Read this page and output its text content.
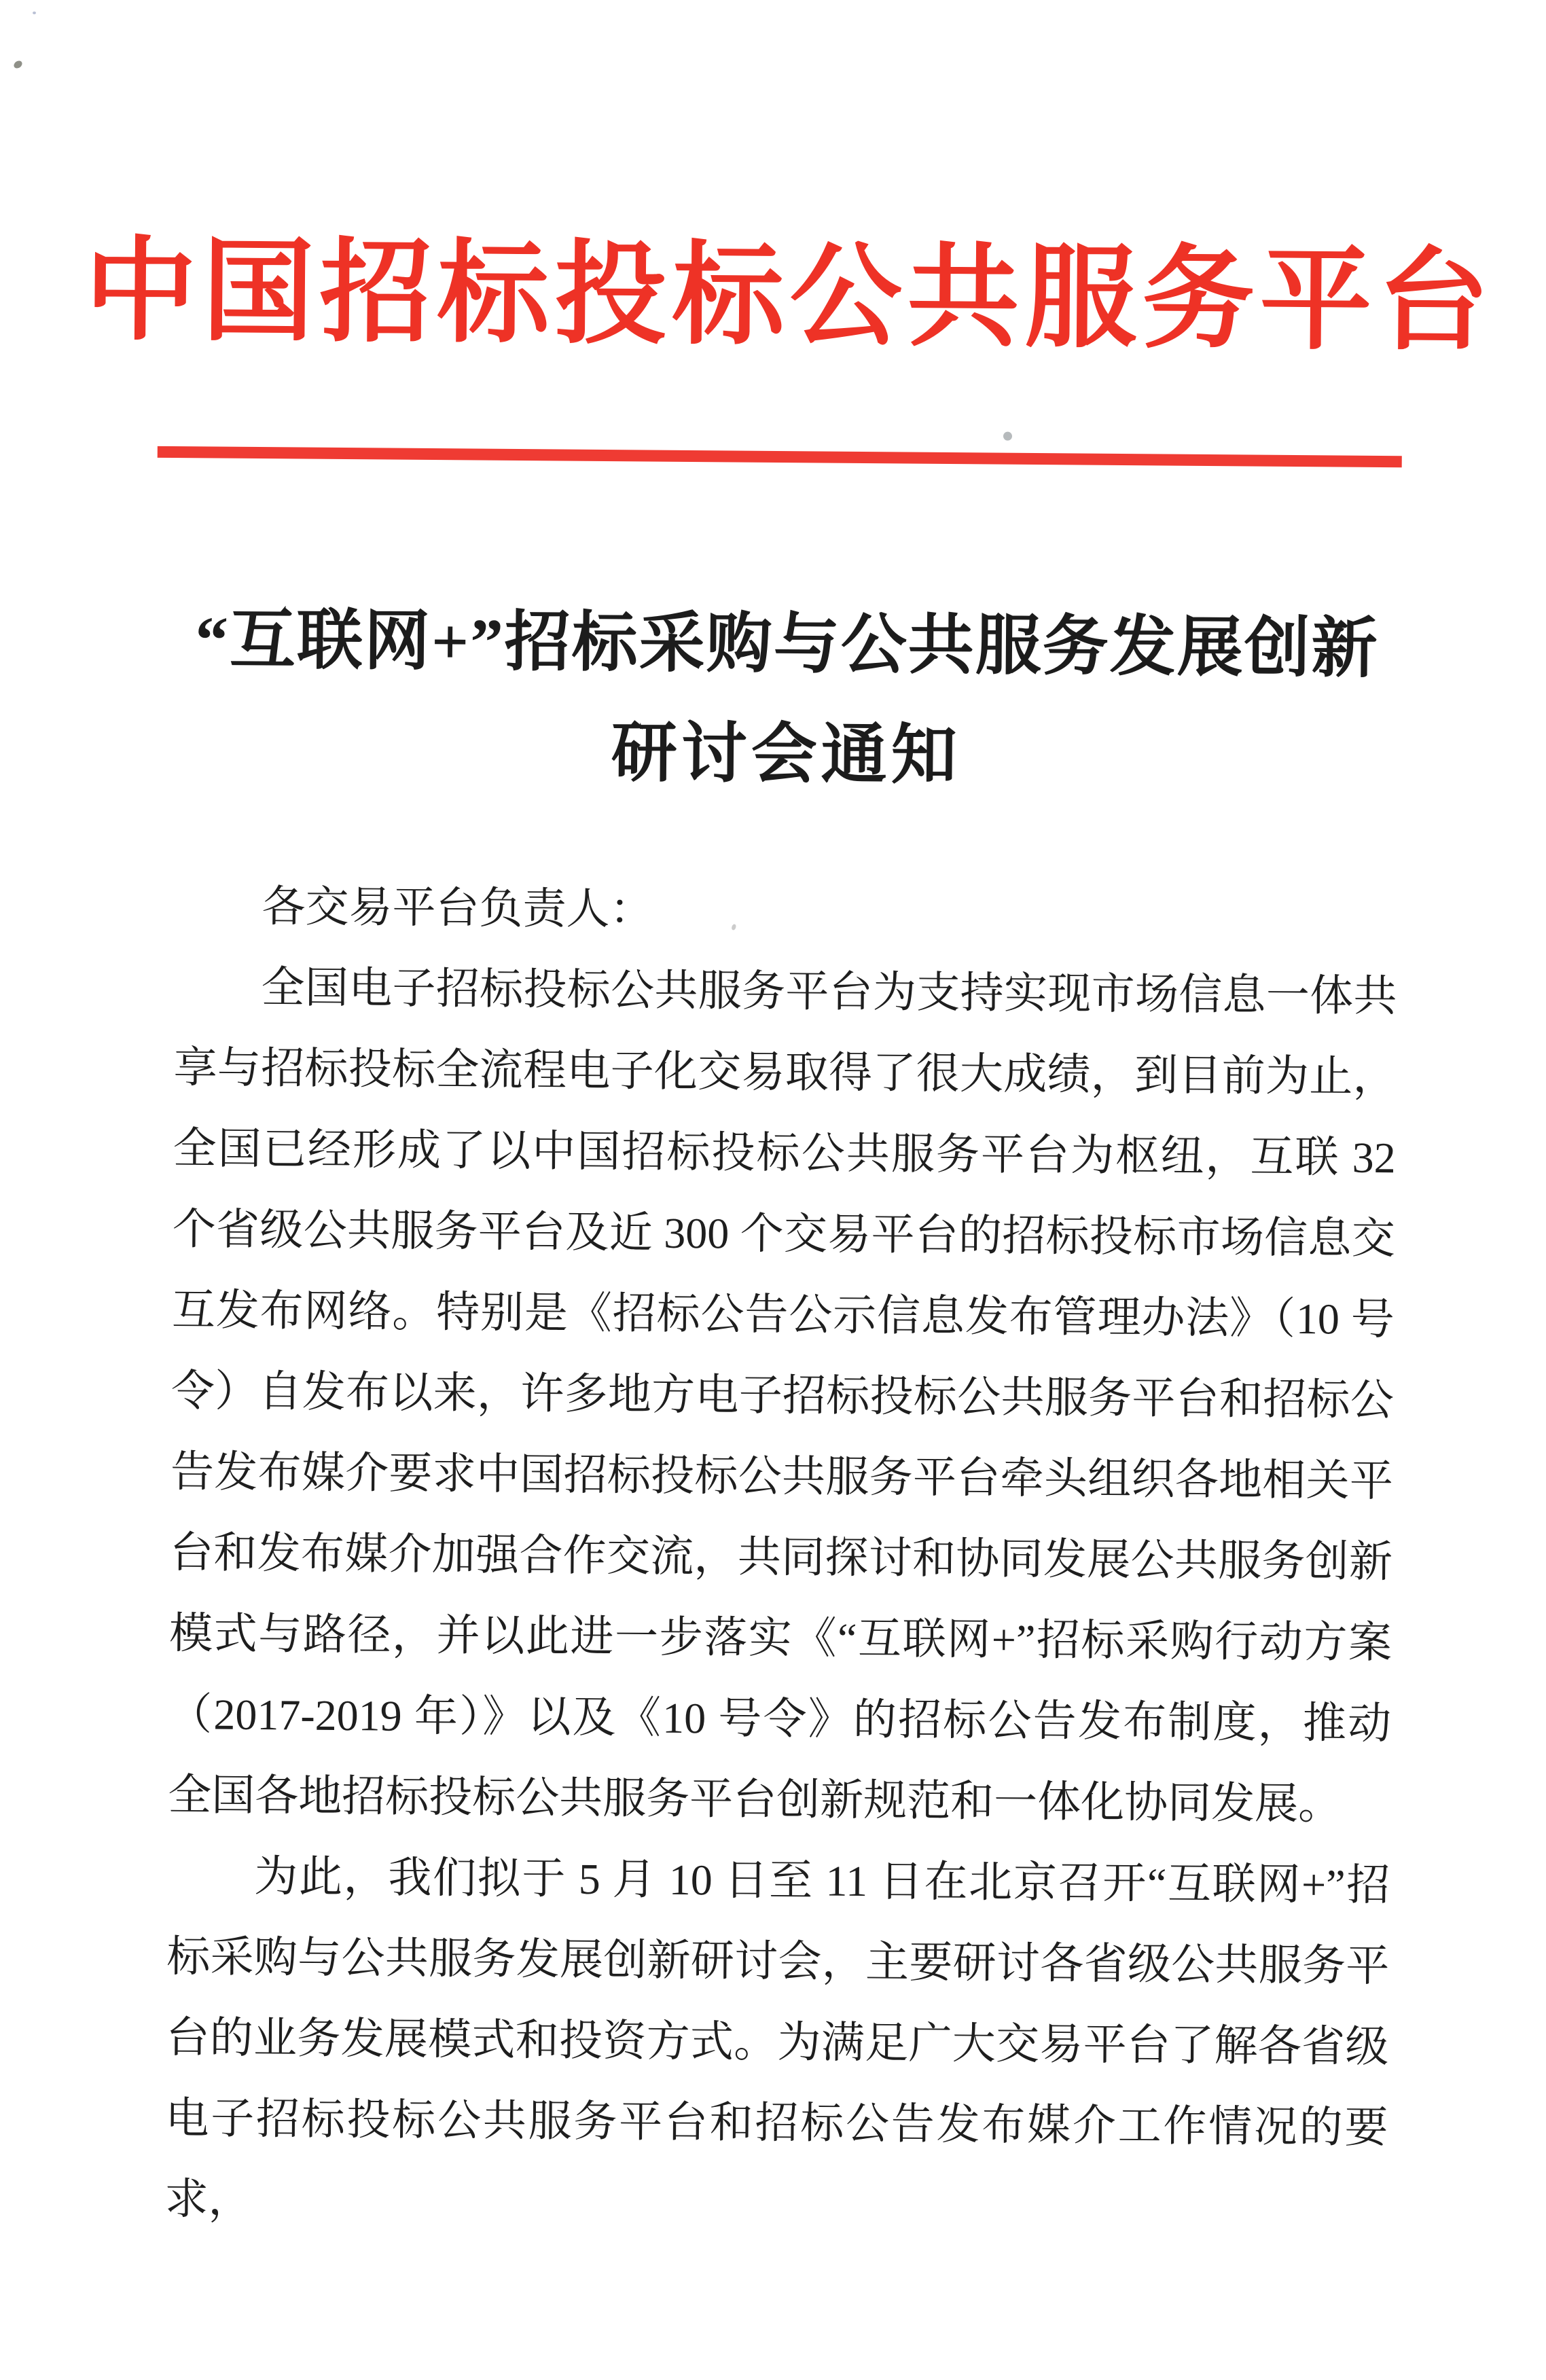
中国招标投标公共服务平台
“互联网+”招标采购与公共服务发展创新
研讨会通知

各交易平台负责人：

全国电子招标投标公共服务平台为支持实现市场信息一体共享与招标投标全流程电子化交易取得了很大成绩，到目前为止，全国已经形成了以中国招标投标公共服务平台为枢纽，互联 32 个省级公共服务平台及近 300 个交易平台的招标投标市场信息交互发布网络。特别是《招标公告公示信息发布管理办法》（10 号令）自发布以来，许多地方电子招标投标公共服务平台和招标公告发布媒介要求中国招标投标公共服务平台牵头组织各地相关平台和发布媒介加强合作交流，共同探讨和协同发展公共服务创新模式与路径，并以此进一步落实《“互联网+”招标采购行动方案（2017-2019 年）》以及《10 号令》的招标公告发布制度，推动全国各地招标投标公共服务平台创新规范和一体化协同发展。

为此，我们拟于 5 月 10 日至 11 日在北京召开“互联网+”招标采购与公共服务发展创新研讨会，主要研讨各省级公共服务平台的业务发展模式和投资方式。为满足广大交易平台了解各省级电子招标投标公共服务平台和招标公告发布媒介工作情况的要求，
